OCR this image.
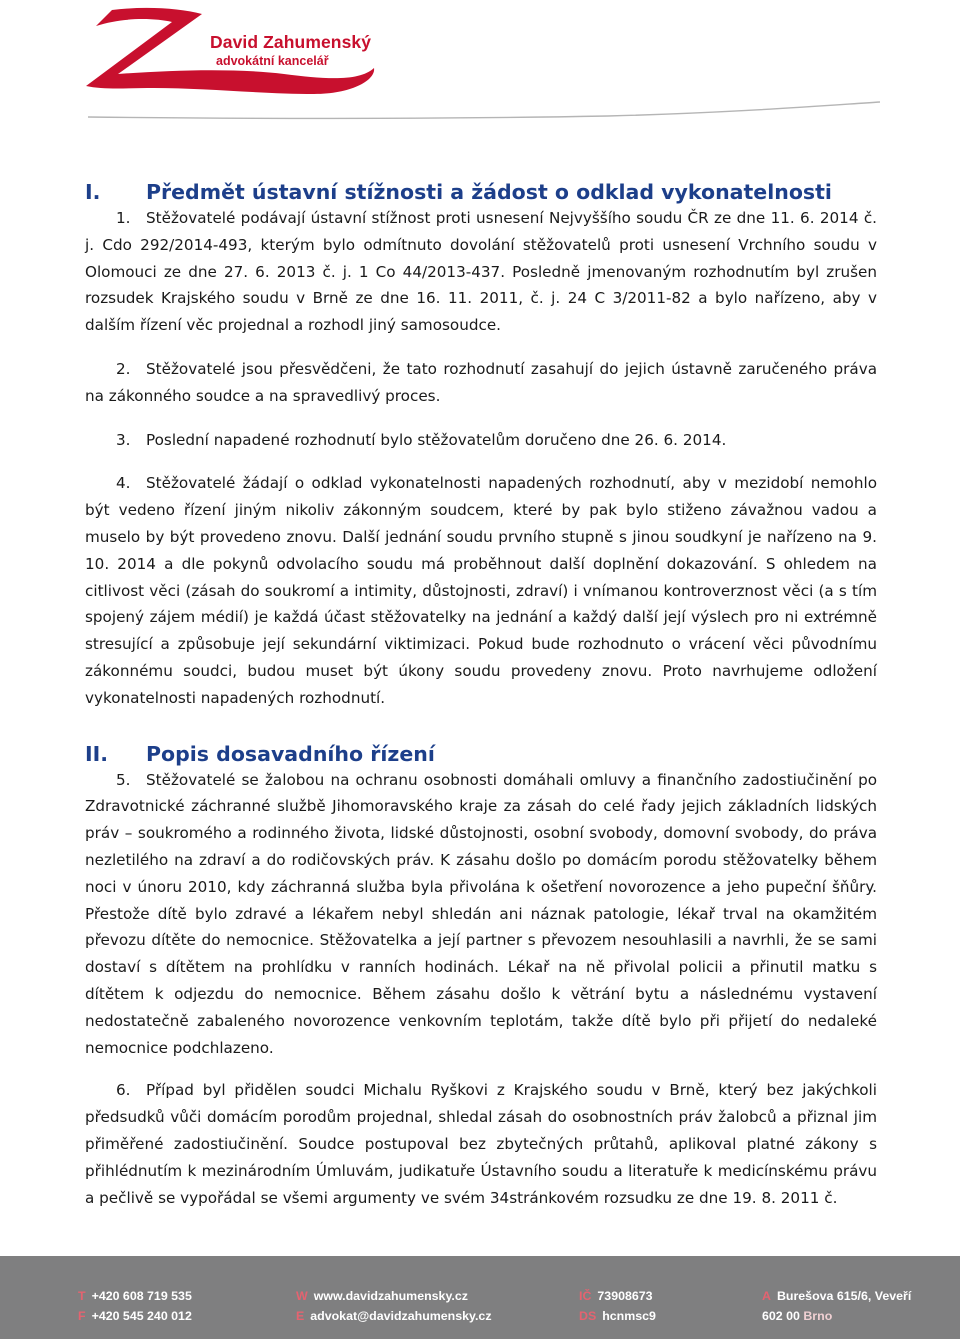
David Zahumenský
advokátní kancelář
I.	Předmět ústavní stížnosti a žádost o odklad vykonatelnosti

1. Stěžovatelé podávají ústavní stížnost proti usnesení Nejvyššího soudu ČR ze dne 11. 6. 2014 č. j. Cdo 292/2014-493, kterým bylo odmítnuto dovolání stěžovatelů proti usnesení Vrchního soudu v Olomouci ze dne 27. 6. 2013 č. j. 1 Co 44/2013-437. Posledně jmenovaným rozhodnutím byl zrušen rozsudek Krajského soudu v Brně ze dne 16. 11. 2011, č. j. 24 C 3/2011-82 a bylo nařízeno, aby v dalším řízení věc projednal a rozhodl jiný samosoudce.

2. Stěžovatelé jsou přesvědčeni, že tato rozhodnutí zasahují do jejich ústavně zaručeného práva na zákonného soudce a na spravedlivý proces.

3. Poslední napadené rozhodnutí bylo stěžovatelům doručeno dne 26. 6. 2014.

4. Stěžovatelé žádají o odklad vykonatelnosti napadených rozhodnutí, aby v mezidobí nemohlo být vedeno řízení jiným nikoliv zákonným soudcem, které by pak bylo stiženo závažnou vadou a muselo by být provedeno znovu. Další jednání soudu prvního stupně s jinou soudkyní je nařízeno na 9. 10. 2014 a dle pokynů odvolacího soudu má proběhnout další doplnění dokazování. S ohledem na citlivost věci (zásah do soukromí a intimity, důstojnosti, zdraví) i vnímanou kontroverznost věci (a s tím spojený zájem médií) je každá účast stěžovatelky na jednání a každý další její výslech pro ni extrémně stresující a způsobuje její sekundární viktimizaci. Pokud bude rozhodnuto o vrácení věci původnímu zákonnému soudci, budou muset být úkony soudu provedeny znovu. Proto navrhujeme odložení vykonatelnosti napadených rozhodnutí.

II.	Popis dosavadního řízení

5. Stěžovatelé se žalobou na ochranu osobnosti domáhali omluvy a finančního zadostiučinění po Zdravotnické záchranné službě Jihomoravského kraje za zásah do celé řady jejich základních lidských práv – soukromého a rodinného života, lidské důstojnosti, osobní svobody, domovní svobody, do práva nezletilého na zdraví a do rodičovských práv. K zásahu došlo po domácím porodu stěžovatelky během noci v únoru 2010, kdy záchranná služba byla přivolána k ošetření novorozence a jeho pupeční šňůry. Přestože dítě bylo zdravé a lékařem nebyl shledán ani náznak patologie, lékař trval na okamžitém převozu dítěte do nemocnice. Stěžovatelka a její partner s převozem nesouhlasili a navrhli, že se sami dostaví s dítětem na prohlídku v ranních hodinách. Lékař na ně přivolal policii a přinutil matku s dítětem k odjezdu do nemocnice. Během zásahu došlo k větrání bytu a následnému vystavení nedostatečně zabaleného novorozence venkovním teplotám, takže dítě bylo při přijetí do nedaleké nemocnice podchlazeno.

6. Případ byl přidělen soudci Michalu Ryškovi z Krajského soudu v Brně, který bez jakýchkoli předsudků vůči domácím porodům projednal, shledal zásah do osobnostních práv žalobců a přiznal jim přiměřené zadostiučinění. Soudce postupoval bez zbytečných průtahů, aplikoval platné zákony s přihlédnutím k mezinárodním Úmluvám, judikatuře Ústavního soudu a literatuře k medicínskému právu a pečlivě se vypořádal se všemi argumenty ve svém 34stránkovém rozsudku ze dne 19. 8. 2011 č.

T +420 608 719 535
F +420 545 240 012
W www.davidzahumensky.cz
E advokat@davidzahumensky.cz
IČ 73908673
DS hcnmsc9
A Burešova 615/6, Veveří
602 00 Brno
